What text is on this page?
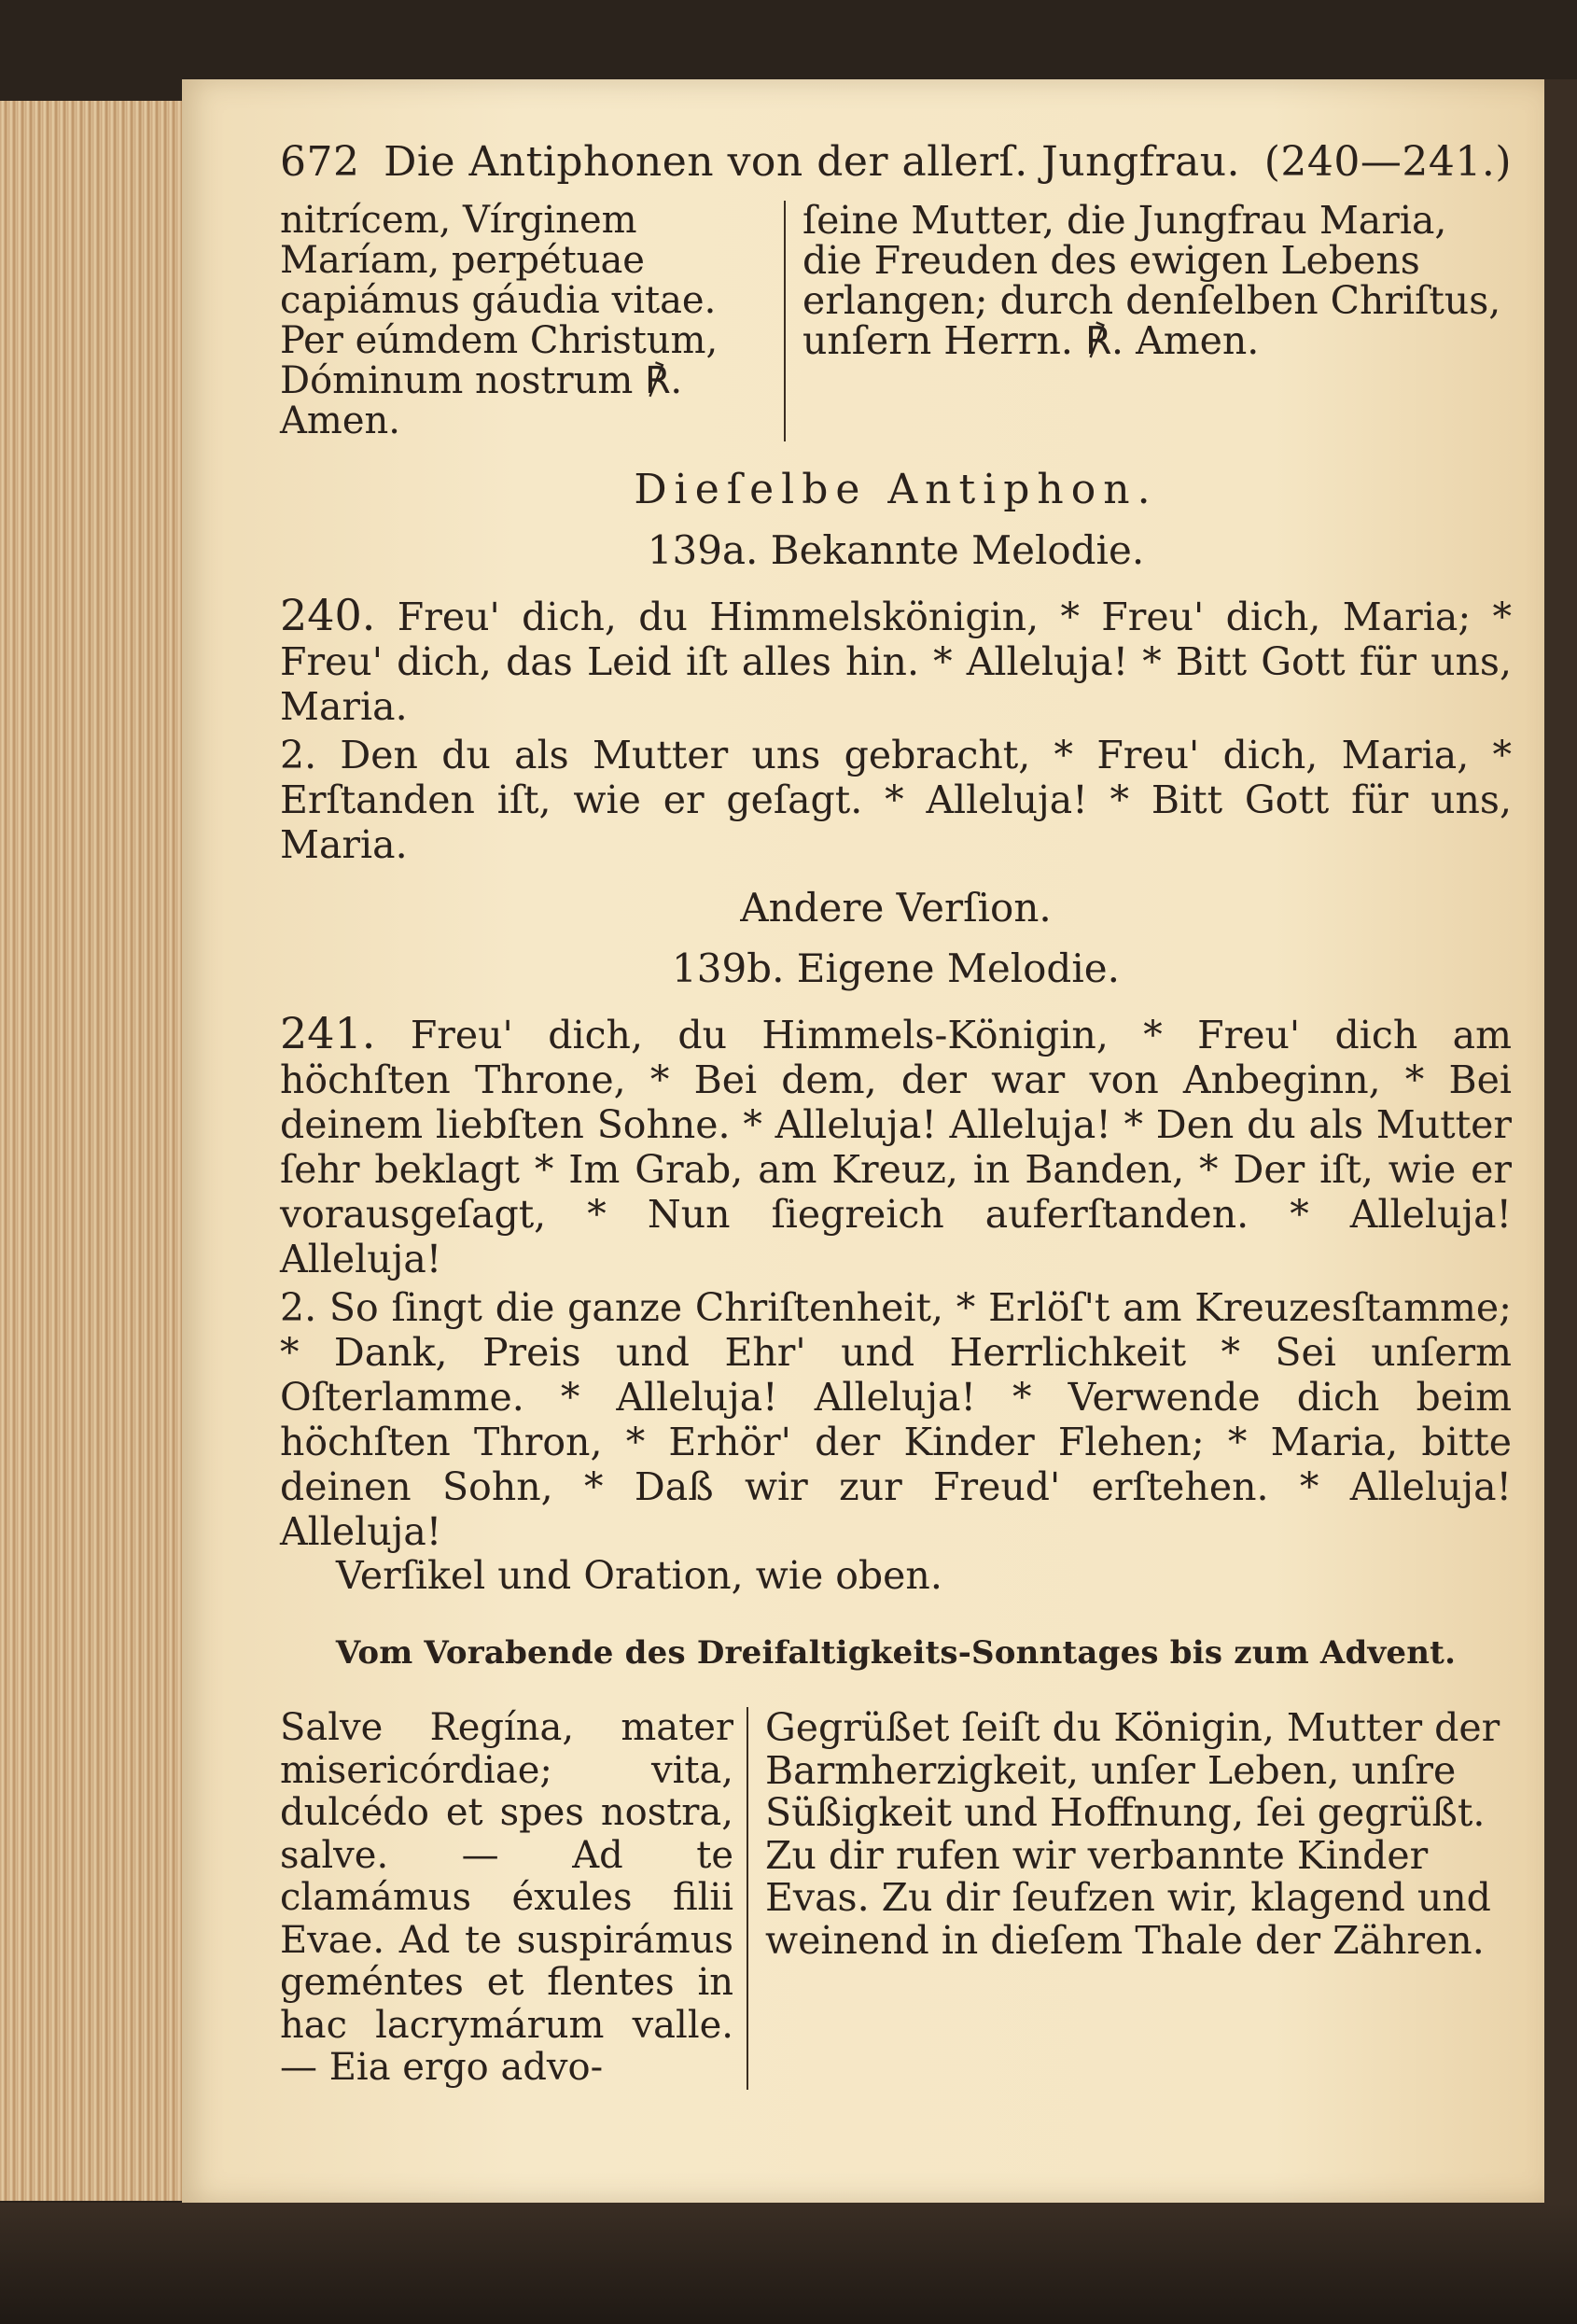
672 Die Antiphonen von der allerſ. Jungfrau. (240—241.)

nitrícem, Vírginem Maríam, perpétuae capiámus gáudia vitae. Per eúmdem Christum, Dóminum nostrum ℟. Amen.

ſeine Mutter, die Jungfrau Maria, die Freuden des ewigen Lebens erlangen; durch denſelben Chriſtus, unſern Herrn. ℟. Amen.

Dieſelbe Antiphon.

139a. Bekannte Melodie.

240. Freu' dich, du Himmelskönigin, * Freu' dich, Maria; * Freu' dich, das Leid iſt alles hin. * Alleluja! * Bitt Gott für uns, Maria.

2. Den du als Mutter uns gebracht, * Freu' dich, Maria, * Erſtanden iſt, wie er geſagt. * Alleluja! * Bitt Gott für uns, Maria.

Andere Verſion.

139b. Eigene Melodie.

241. Freu' dich, du Himmels-Königin, * Freu' dich am höchſten Throne, * Bei dem, der war von Anbeginn, * Bei deinem liebſten Sohne. * Alleluja! Alleluja! * Den du als Mutter ſehr beklagt * Im Grab, am Kreuz, in Banden, * Der iſt, wie er vorausgeſagt, * Nun ſiegreich auferſtanden. * Alleluja! Alleluja!

2. So ſingt die ganze Chriſtenheit, * Erlöſ't am Kreuzesſtamme; * Dank, Preis und Ehr' und Herrlichkeit * Sei unſerm Oſterlamme. * Alleluja! Alleluja! * Verwende dich beim höchſten Thron, * Erhör' der Kinder Flehen; * Maria, bitte deinen Sohn, * Daß wir zur Freud' erſtehen. * Alleluja! Alleluja!

Verſikel und Oration, wie oben.

Vom Vorabende des Dreifaltigkeits-Sonntages bis zum Advent.

Salve Regína, mater misericórdiae; vita, dulcédo et spes nostra, salve. — Ad te clamámus éxules filii Evae. Ad te suspirámus geméntes et flentes in hac lacrymárum valle. — Eia ergo advo-

Gegrüßet ſeiſt du Königin, Mutter der Barmherzigkeit, unſer Leben, unſre Süßigkeit und Hoffnung, ſei gegrüßt. Zu dir rufen wir verbannte Kinder Evas. Zu dir ſeufzen wir, klagend und weinend in dieſem Thale der Zähren.
